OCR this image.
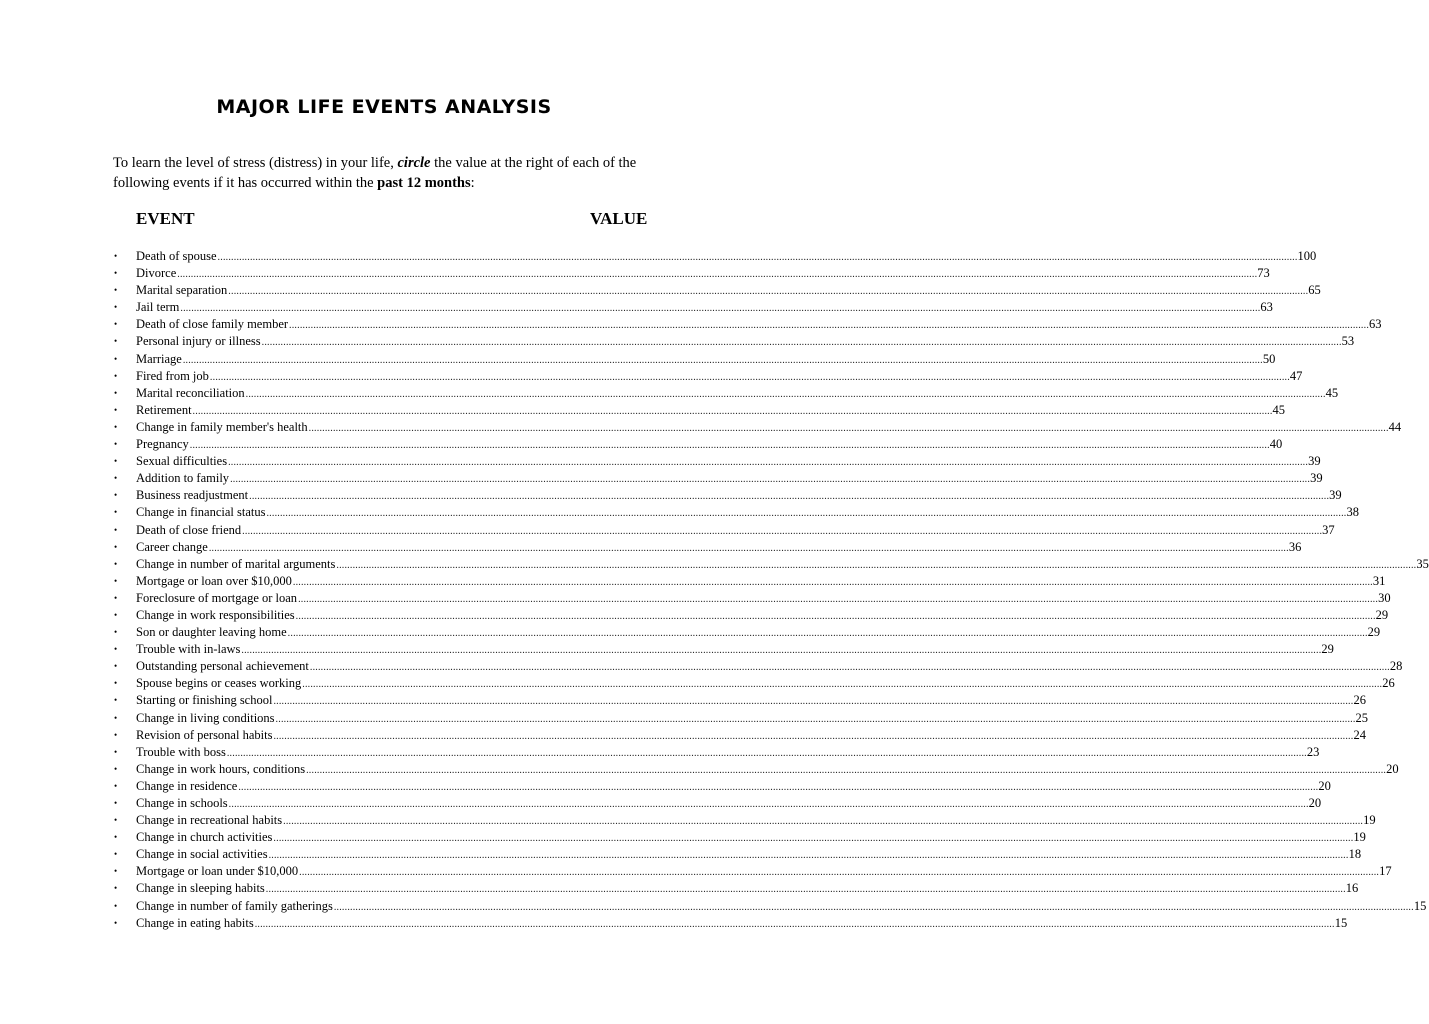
MAJOR LIFE EVENTS ANALYSIS

To learn the level of stress (distress) in your life, circle the value at the right of each of the following events if it has occurred within the past 12 months:

EVENT	VALUE
• Death of spouse ................................................................................................................................................................................................................................................................................................................................................................................................................ 100
• Divorce ................................................................................................................................................................................................................................................................................................................................................................................................................ 73
• Marital separation ................................................................................................................................................................................................................................................................................................................................................................................................................ 65
• Jail term ................................................................................................................................................................................................................................................................................................................................................................................................................ 63
• Death of close family member ................................................................................................................................................................................................................................................................................................................................................................................................................ 63
• Personal injury or illness ................................................................................................................................................................................................................................................................................................................................................................................................................ 53
• Marriage ................................................................................................................................................................................................................................................................................................................................................................................................................ 50
• Fired from job ................................................................................................................................................................................................................................................................................................................................................................................................................ 47
• Marital reconciliation ................................................................................................................................................................................................................................................................................................................................................................................................................ 45
• Retirement ................................................................................................................................................................................................................................................................................................................................................................................................................ 45
• Change in family member's health ................................................................................................................................................................................................................................................................................................................................................................................................................ 44
• Pregnancy ................................................................................................................................................................................................................................................................................................................................................................................................................ 40
• Sexual difficulties ................................................................................................................................................................................................................................................................................................................................................................................................................ 39
• Addition to family ................................................................................................................................................................................................................................................................................................................................................................................................................ 39
• Business readjustment ................................................................................................................................................................................................................................................................................................................................................................................................................ 39
• Change in financial status ................................................................................................................................................................................................................................................................................................................................................................................................................ 38
• Death of close friend ................................................................................................................................................................................................................................................................................................................................................................................................................ 37
• Career change ................................................................................................................................................................................................................................................................................................................................................................................................................ 36
• Change in number of marital arguments ................................................................................................................................................................................................................................................................................................................................................................................................................ 35
• Mortgage or loan over $10,000 ................................................................................................................................................................................................................................................................................................................................................................................................................ 31
• Foreclosure of mortgage or loan ................................................................................................................................................................................................................................................................................................................................................................................................................ 30
• Change in work responsibilities ................................................................................................................................................................................................................................................................................................................................................................................................................ 29
• Son or daughter leaving home ................................................................................................................................................................................................................................................................................................................................................................................................................ 29
• Trouble with in-laws ................................................................................................................................................................................................................................................................................................................................................................................................................ 29
• Outstanding personal achievement ................................................................................................................................................................................................................................................................................................................................................................................................................ 28
• Spouse begins or ceases working ................................................................................................................................................................................................................................................................................................................................................................................................................ 26
• Starting or finishing school ................................................................................................................................................................................................................................................................................................................................................................................................................ 26
• Change in living conditions ................................................................................................................................................................................................................................................................................................................................................................................................................ 25
• Revision of personal habits ................................................................................................................................................................................................................................................................................................................................................................................................................ 24
• Trouble with boss ................................................................................................................................................................................................................................................................................................................................................................................................................ 23
• Change in work hours, conditions ................................................................................................................................................................................................................................................................................................................................................................................................................ 20
• Change in residence ................................................................................................................................................................................................................................................................................................................................................................................................................ 20
• Change in schools ................................................................................................................................................................................................................................................................................................................................................................................................................ 20
• Change in recreational habits ................................................................................................................................................................................................................................................................................................................................................................................................................ 19
• Change in church activities ................................................................................................................................................................................................................................................................................................................................................................................................................ 19
• Change in social activities ................................................................................................................................................................................................................................................................................................................................................................................................................ 18
• Mortgage or loan under $10,000 ................................................................................................................................................................................................................................................................................................................................................................................................................ 17
• Change in sleeping habits ................................................................................................................................................................................................................................................................................................................................................................................................................ 16
• Change in number of family gatherings ................................................................................................................................................................................................................................................................................................................................................................................................................ 15
• Change in eating habits ................................................................................................................................................................................................................................................................................................................................................................................................................ 15
